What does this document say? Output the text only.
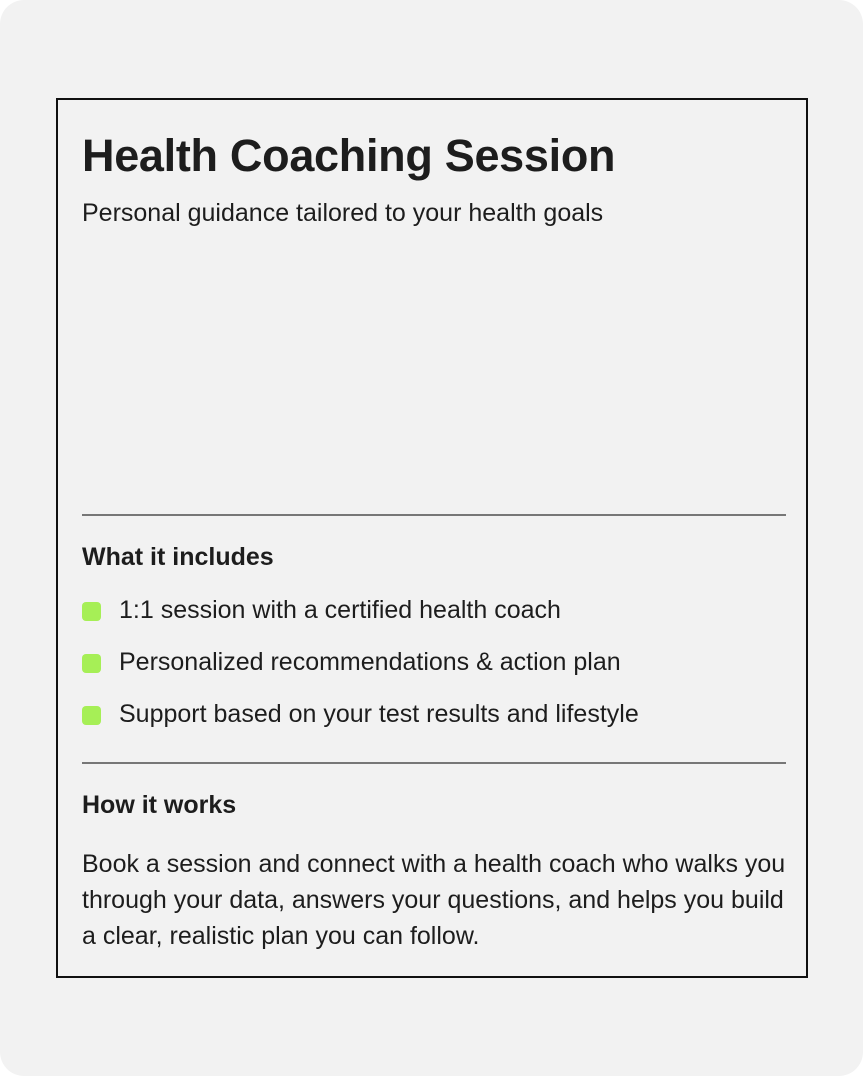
Health Coaching Session

Personal guidance tailored to your health goals

What it includes
1:1 session with a certified health coach
Personalized recommendations & action plan
Support based on your test results and lifestyle
How it works

Book a session and connect with a health coach who walks you through your data, answers your questions, and helps you build a clear, realistic plan you can follow.
